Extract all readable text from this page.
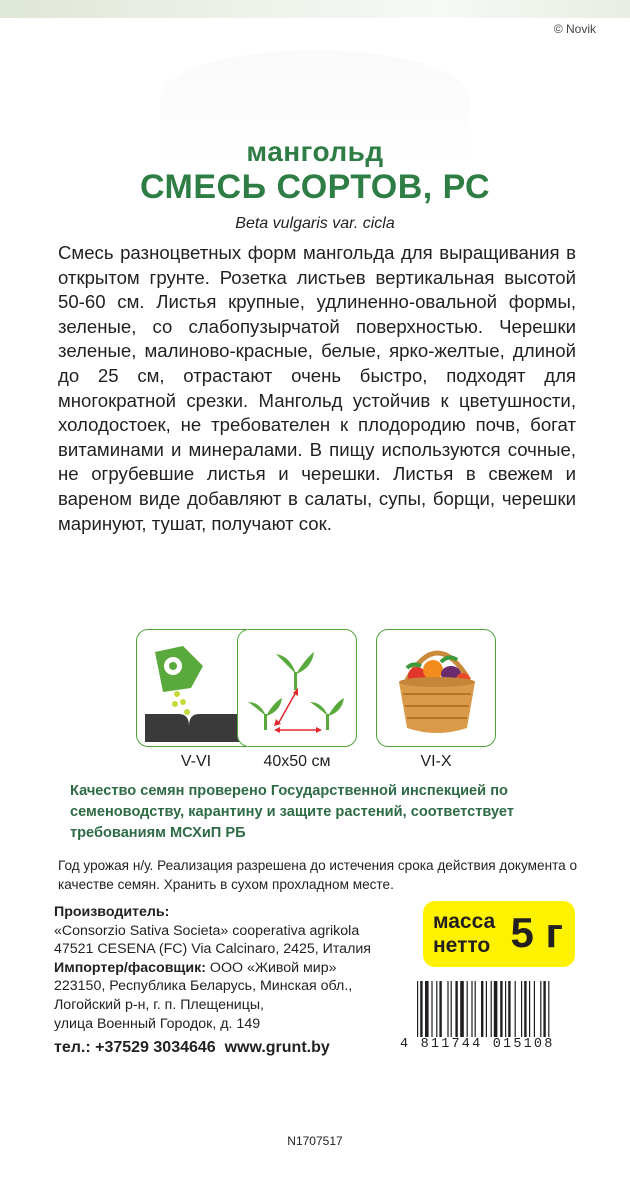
© Novik
мангольд
СМЕСЬ СОРТОВ, РС
Beta vulgaris var. cicla
Смесь разноцветных форм мангольда для выращивания в открытом грунте. Розетка листьев вертикальная высотой 50-60 см. Листья крупные, удлиненно-овальной формы, зеленые, со слабопузырчатой поверхностью. Черешки зеленые, малиново-красные, белые, ярко-желтые, длиной до 25 см, отрастают очень быстро, подходят для многократной срезки. Мангольд устойчив к цветушности, холодостоек, не требователен к плодородию почв, богат витаминами и минералами. В пищу используются сочные, не огрубевшие листья и черешки. Листья в свежем и вареном виде добавляют в салаты, супы, борщи, черешки маринуют, тушат, получают сок.
V-VI	40х50 см	VI-X
Качество семян проверено Государственной инспекцией по семеноводству, карантину и защите растений, соответствует требованиям МСХиП РБ
Год урожая н/у. Реализация разрешена до истечения срока действия документа о качестве семян. Хранить в сухом прохладном месте.
Производитель:
«Consorzio Sativa Societa» cooperativa agrikola
47521 CESENA (FC) Via Calcinaro, 2425, Италия
Импортер/фасовщик: ООО «Живой мир»
223150, Республика Беларусь, Минская обл.,
Логойский р-н, г. п. Плещеницы,
улица Военный Городок, д. 149
тел.: +37529 3034646  www.grunt.by
масса
нетто 5 г
4 811744 015108
N1707517
